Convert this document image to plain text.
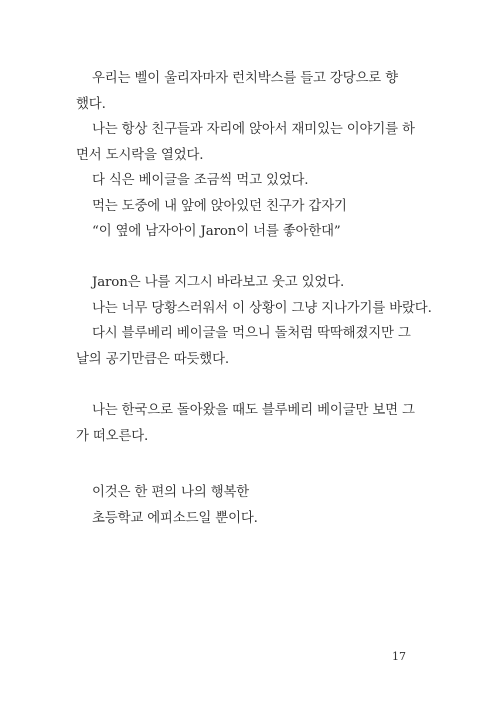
우리는 벨이 울리자마자 런치박스를 들고 강당으로 향
했다.
나는 항상 친구들과 자리에 앉아서 재미있는 이야기를 하
면서 도시락을 열었다.
다 식은 베이글을 조금씩 먹고 있었다.
먹는 도중에 내 앞에 앉아있던 친구가 갑자기
“이 옆에 남자아이 Jaron이 너를 좋아한대”
Jaron은 나를 지그시 바라보고 웃고 있었다.
나는 너무 당황스러워서 이 상황이 그냥 지나가기를 바랐다.
다시 블루베리 베이글을 먹으니 돌처럼 딱딱해졌지만 그
날의 공기만큼은 따듯했다.
나는 한국으로 돌아왔을 때도 블루베리 베이글만 보면 그
가 떠오른다.
이것은 한 편의 나의 행복한
초등학교 에피소드일 뿐이다.
17
